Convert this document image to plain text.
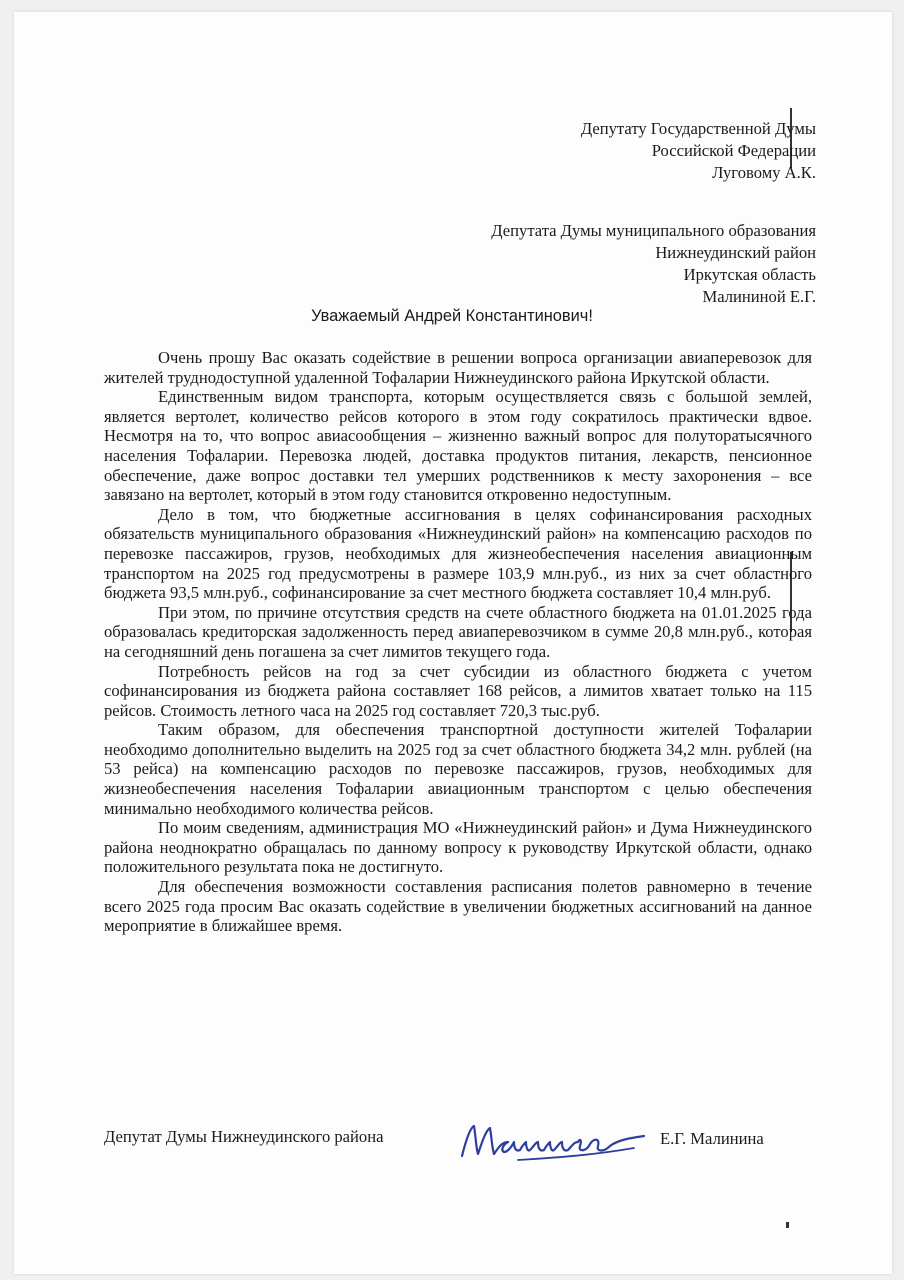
Депутату Государственной Думы
Российской Федерации
Луговому А.К.
Депутата Думы муниципального образования
Нижнеудинский район
Иркутская область
Малининой Е.Г.
Уважаемый Андрей Константинович!

Очень прошу Вас оказать содействие в решении вопроса организации авиаперевозок для жителей труднодоступной удаленной Тофаларии Нижнеудинского района Иркутской области.

Единственным видом транспорта, которым осуществляется связь с большой землей, является вертолет, количество рейсов которого в этом году сократилось практически вдвое. Несмотря на то, что вопрос авиасообщения – жизненно важный вопрос для полуторатысячного населения Тофаларии. Перевозка людей, доставка продуктов питания, лекарств, пенсионное обеспечение, даже вопрос доставки тел умерших родственников к месту захоронения – все завязано на вертолет, который в этом году становится откровенно недоступным.

Дело в том, что бюджетные ассигнования в целях софинансирования расходных обязательств муниципального образования «Нижнеудинский район» на компенсацию расходов по перевозке пассажиров, грузов, необходимых для жизнеобеспечения населения авиационным транспортом на 2025 год предусмотрены в размере 103,9 млн.руб., из них за счет областного бюджета 93,5 млн.руб., софинансирование за счет местного бюджета составляет 10,4 млн.руб.

При этом, по причине отсутствия средств на счете областного бюджета на 01.01.2025 года образовалась кредиторская задолженность перед авиаперевозчиком в сумме 20,8 млн.руб., которая на сегодняшний день погашена за счет лимитов текущего года.

Потребность рейсов на год за счет субсидии из областного бюджета с учетом софинансирования из бюджета района составляет 168 рейсов, а лимитов хватает только на 115 рейсов. Стоимость летного часа на 2025 год составляет 720,3 тыс.руб.

Таким образом, для обеспечения транспортной доступности жителей Тофаларии необходимо дополнительно выделить на 2025 год за счет областного бюджета 34,2 млн. рублей (на 53 рейса) на компенсацию расходов по перевозке пассажиров, грузов, необходимых для жизнеобеспечения населения Тофаларии авиационным транспортом с целью обеспечения минимально необходимого количества рейсов.

По моим сведениям, администрация МО «Нижнеудинский район» и Дума Нижнеудинского района неоднократно обращалась по данному вопросу к руководству Иркутской области, однако положительного результата пока не достигнуто.

Для обеспечения возможности составления расписания полетов равномерно в течение всего 2025 года просим Вас оказать содействие в увеличении бюджетных ассигнований на данное мероприятие в ближайшее время.

Депутат Думы Нижнеудинского района	Е.Г. Малинина
